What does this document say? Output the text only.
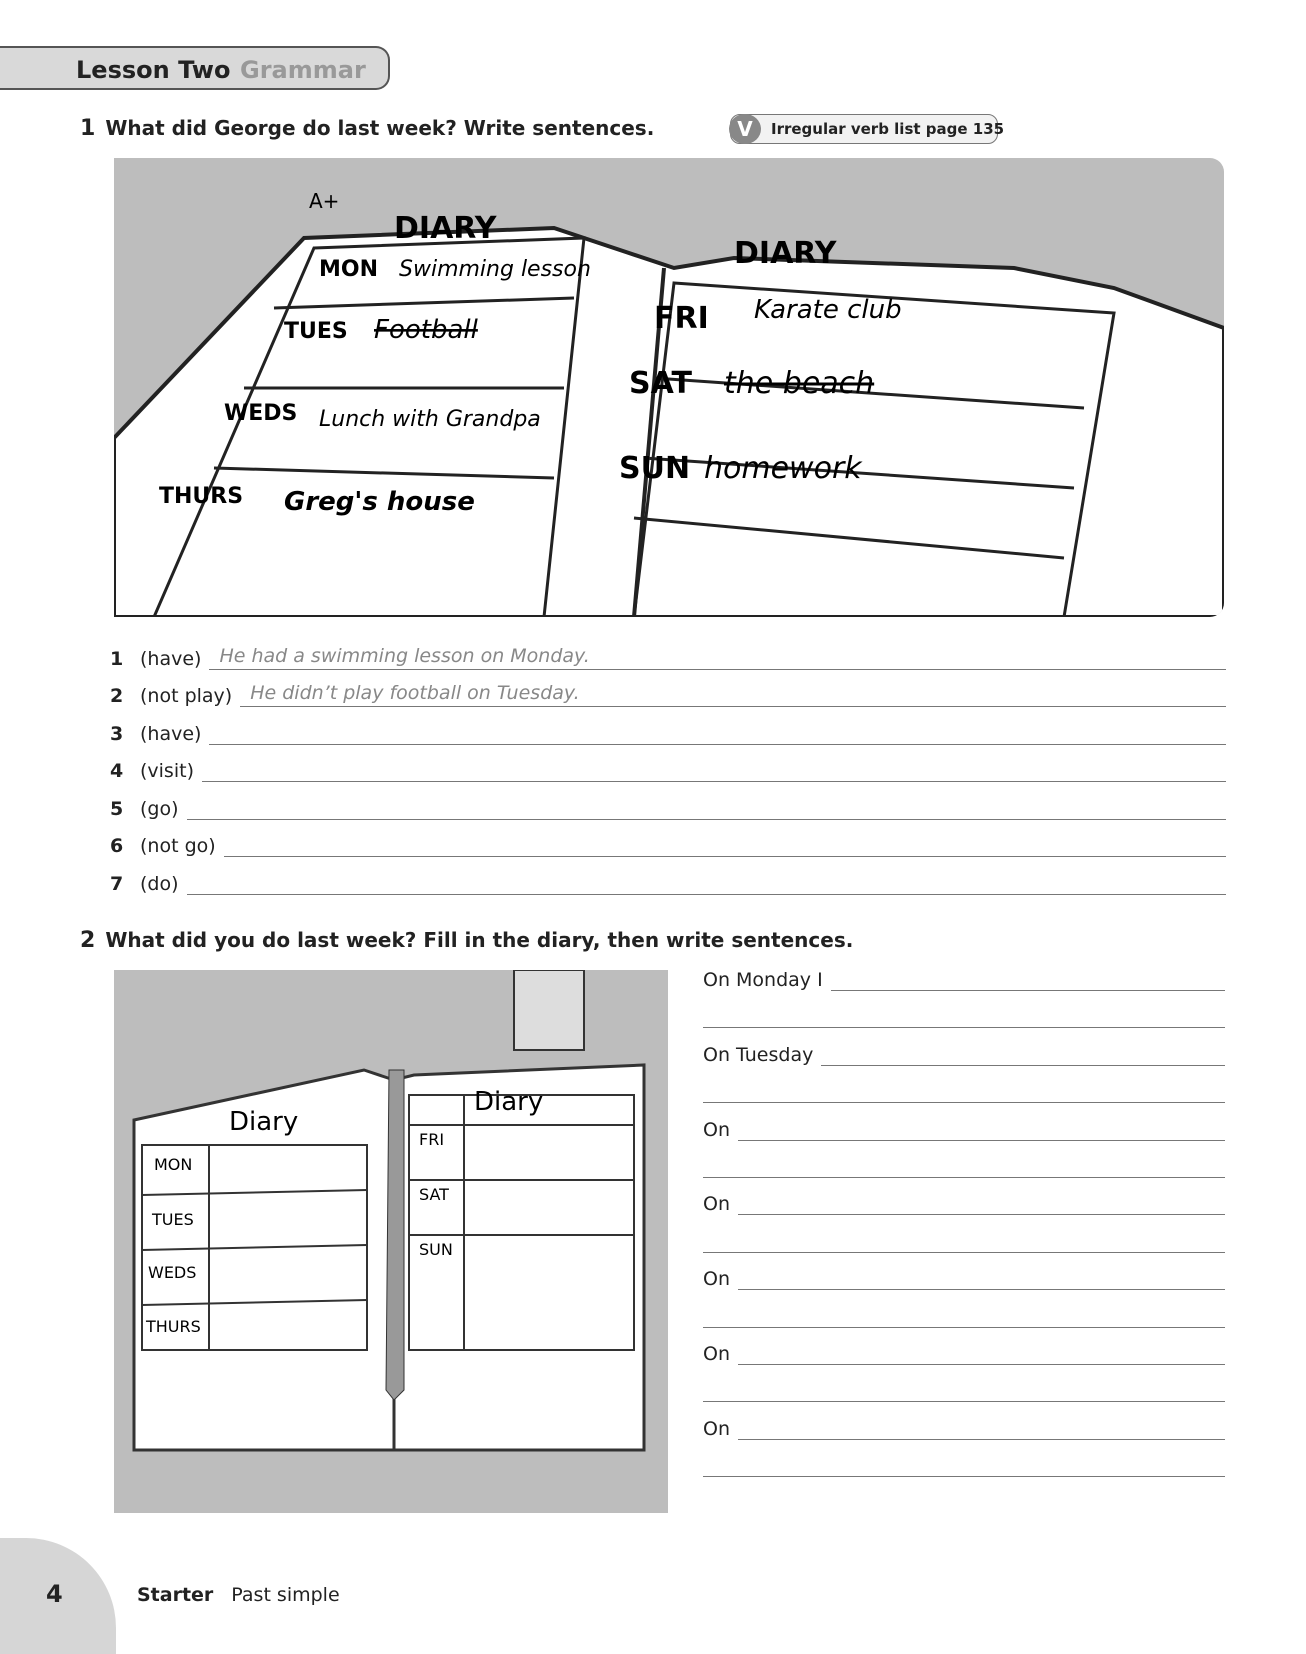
Lesson Two Grammar
1 What did George do last week? Write sentences.	V	Irregular verb list page 135
DIARY
DIARY
MON Swimming lesson
TUES Football
WEDS Lunch with Grandpa
THURS Greg's house
FRI Karate club
SAT the beach
SUN homework
A+
1 (have) He had a swimming lesson on Monday.
2 (not play) He didn’t play football on Tuesday.
3 (have)
4 (visit)
5 (go)
6 (not go)
7 (do)
2 What did you do last week? Fill in the diary, then write sentences.
Diary
Diary
MON
TUES
WEDS
THURS
FRI
SAT
SUN
On Monday I
On Tuesday
On
On
On
On
On
4	Starter Past simple
